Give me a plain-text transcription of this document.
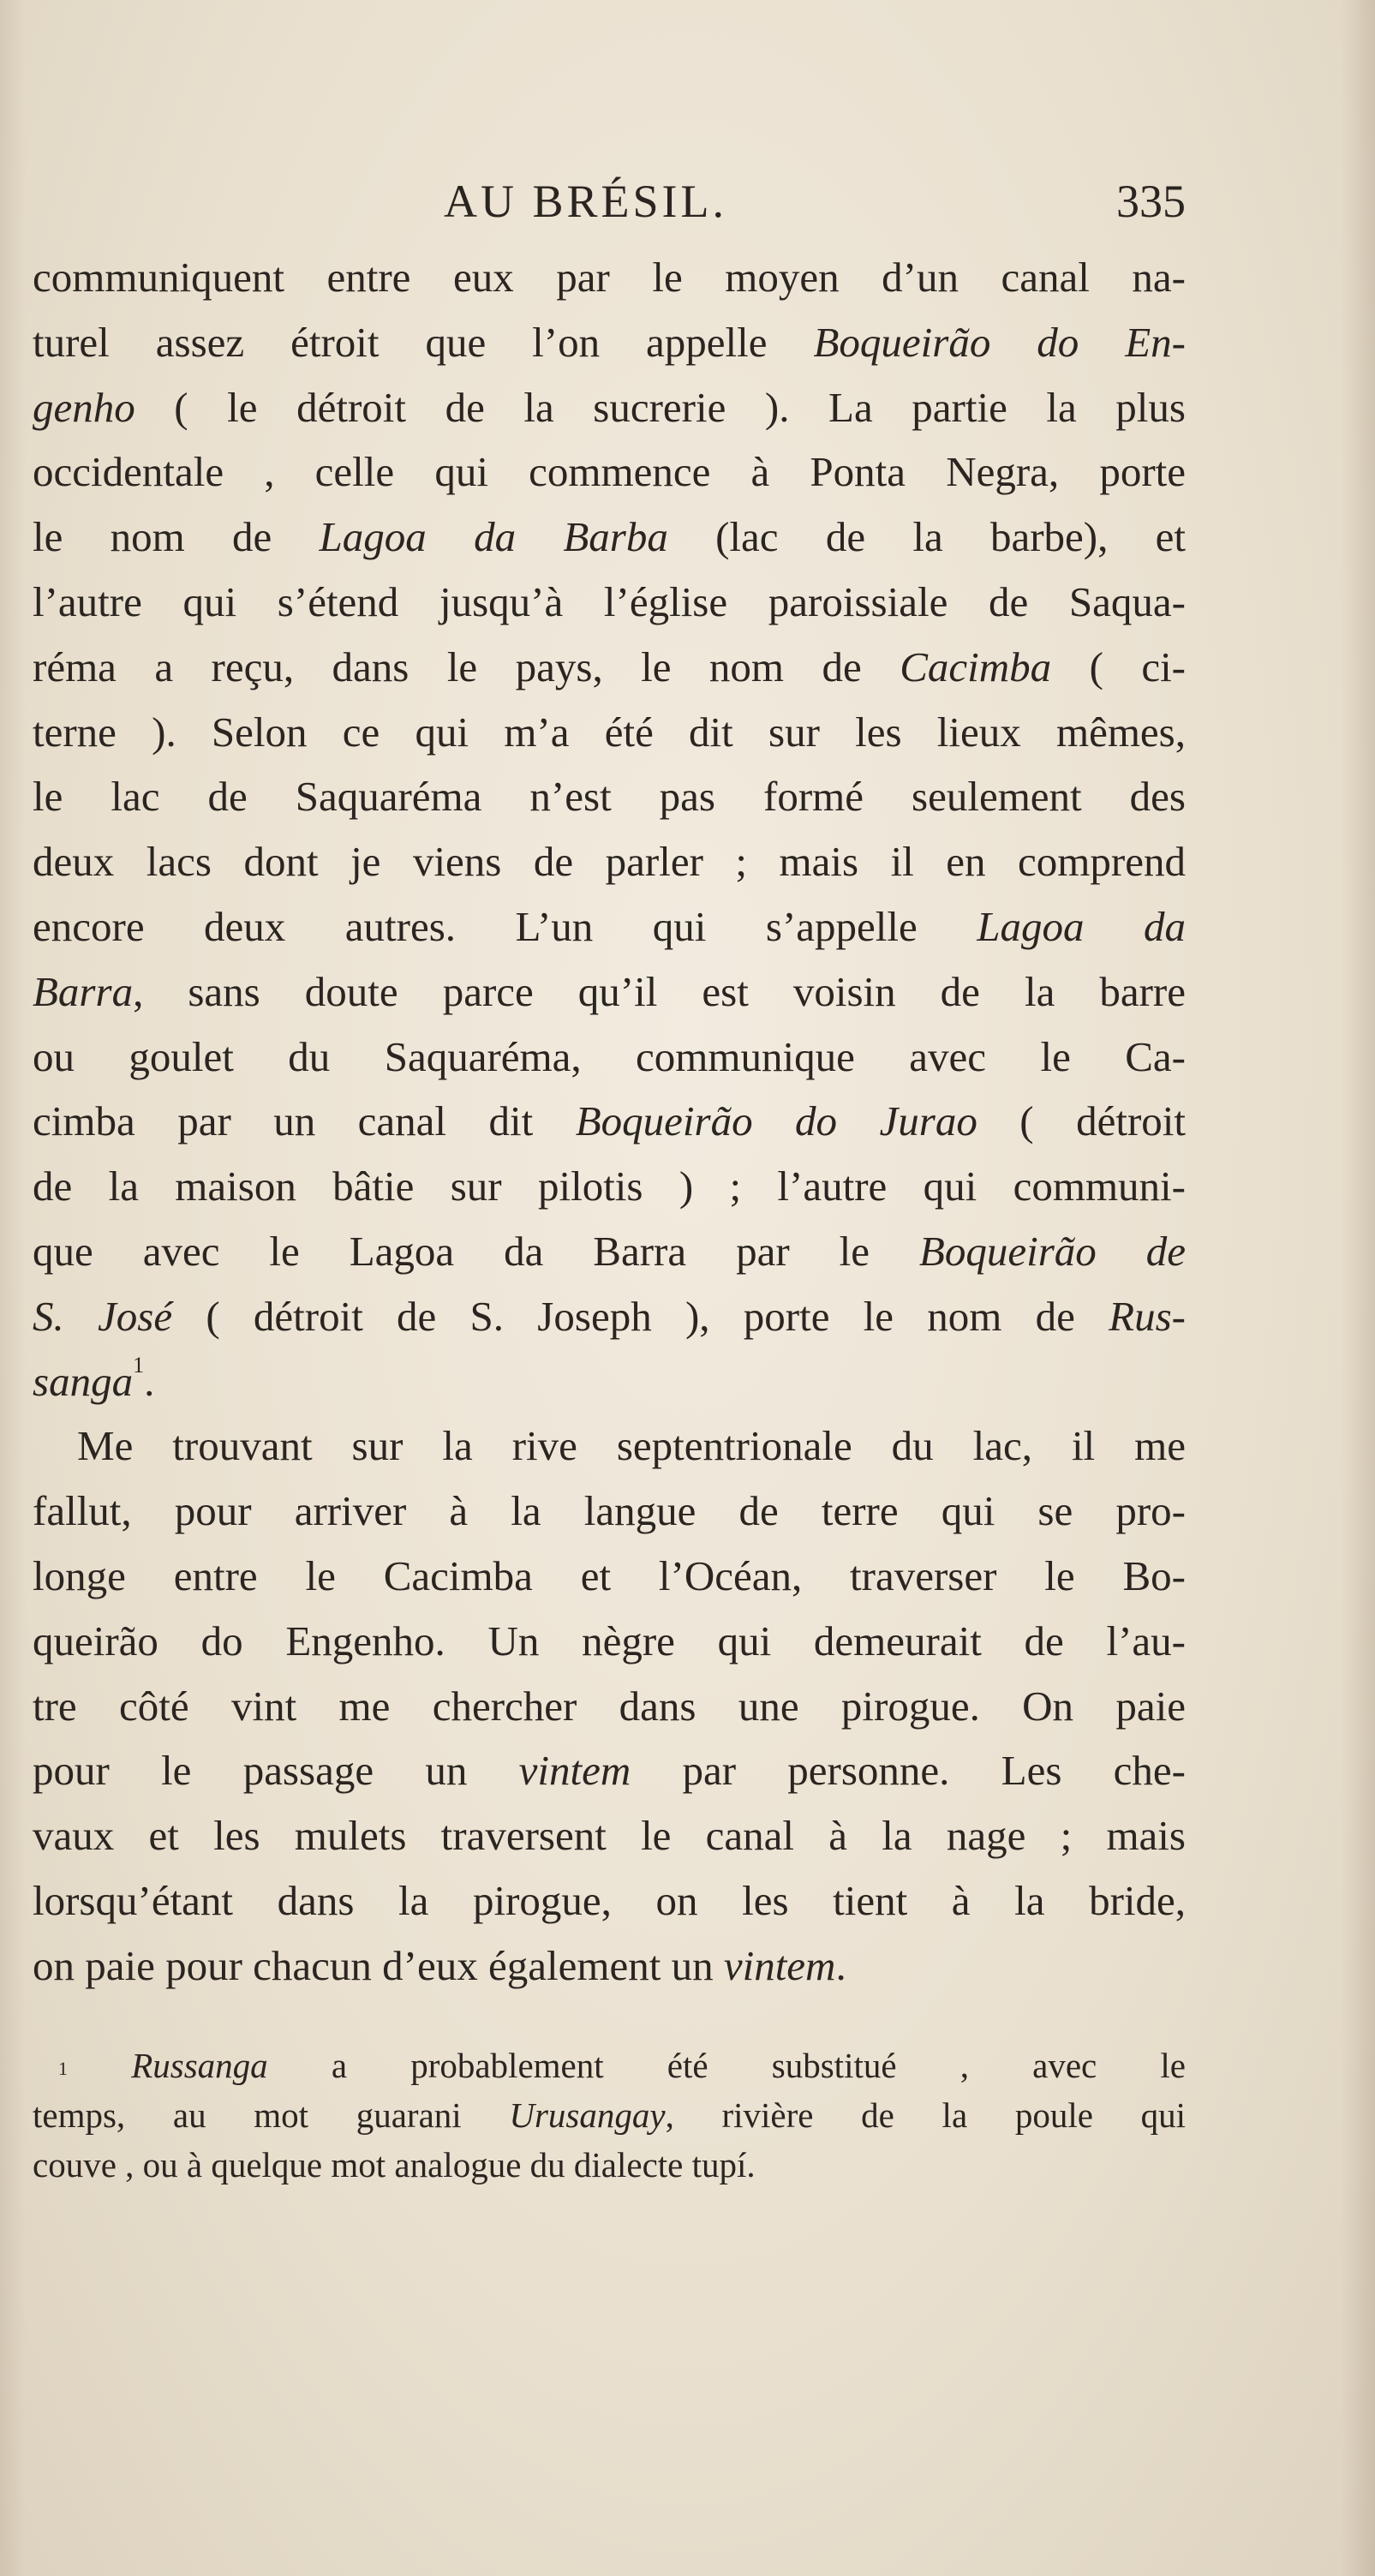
AU BRÉSIL.	335
communiquent entre eux par le moyen d’un canal na-
turel assez étroit que l’on appelle Boqueirão do En-
genho ( le détroit de la sucrerie ). La partie la plus
occidentale , celle qui commence à Ponta Negra, porte
le nom de Lagoa da Barba (lac de la barbe), et
l’autre qui s’étend jusqu’à l’église paroissiale de Saqua-
réma a reçu, dans le pays, le nom de Cacimba ( ci-
terne ). Selon ce qui m’a été dit sur les lieux mêmes,
le lac de Saquaréma n’est pas formé seulement des
deux lacs dont je viens de parler ; mais il en comprend
encore deux autres. L’un qui s’appelle Lagoa da
Barra, sans doute parce qu’il est voisin de la barre
ou goulet du Saquaréma, communique avec le Ca-
cimba par un canal dit Boqueirão do Jurao ( détroit
de la maison bâtie sur pilotis ) ; l’autre qui communi-
que avec le Lagoa da Barra par le Boqueirão de
S. José ( détroit de S. Joseph ), porte le nom de Rus-
sanga$^1$.
Me trouvant sur la rive septentrionale du lac, il me
fallut, pour arriver à la langue de terre qui se pro-
longe entre le Cacimba et l’Océan, traverser le Bo-
queirão do Engenho. Un nègre qui demeurait de l’au-
tre côté vint me chercher dans une pirogue. On paie
pour le passage un vintem par personne. Les che-
vaux et les mulets traversent le canal à la nage ; mais
lorsqu’étant dans la pirogue, on les tient à la bride,
on paie pour chacun d’eux également un vintem.
$^1$ Russanga a probablement été substitué , avec le
temps, au mot guarani Urusangay, rivière de la poule qui
couve , ou à quelque mot analogue du dialecte tupí.
